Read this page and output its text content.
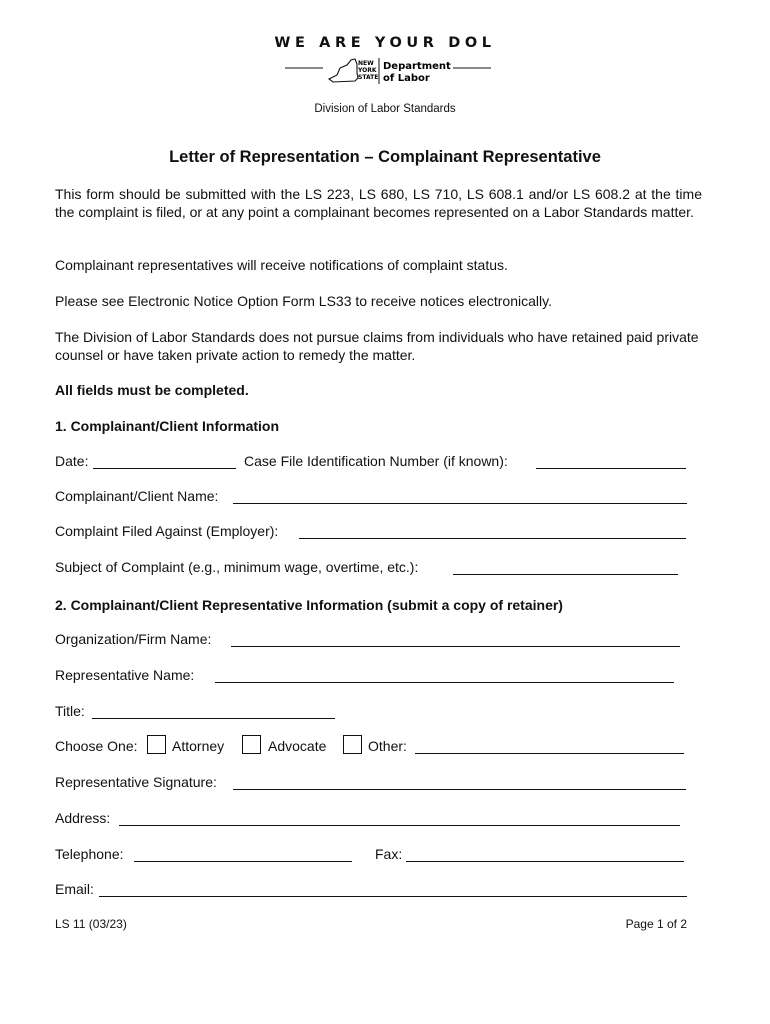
WE ARE YOUR DOL
NEW
YORK
STATE
Department
of Labor
Division of Labor Standards
Letter of Representation – Complainant Representative
This form should be submitted with the LS 223, LS 680, LS 710, LS 608.1 and/or LS 608.2 at the time the complaint is filed, or at any point a complainant becomes represented on a Labor Standards matter.
Complainant representatives will receive notifications of complaint status.
Please see Electronic Notice Option Form LS33 to receive notices electronically.
The Division of Labor Standards does not pursue claims from individuals who have retained paid private counsel or have taken private action to remedy the matter.
All fields must be completed.
1. Complainant/Client Information
Date:	Case File Identification Number (if known):
Complainant/Client Name:
Complaint Filed Against (Employer):
Subject of Complaint (e.g., minimum wage, overtime, etc.):
2. Complainant/Client Representative Information (submit a copy of retainer)
Organization/Firm Name:
Representative Name:
Title:
Choose One: Attorney	Advocate	Other:
Representative Signature:
Address:
Telephone:	Fax:
Email:
LS 11 (03/23)	Page 1 of 2
